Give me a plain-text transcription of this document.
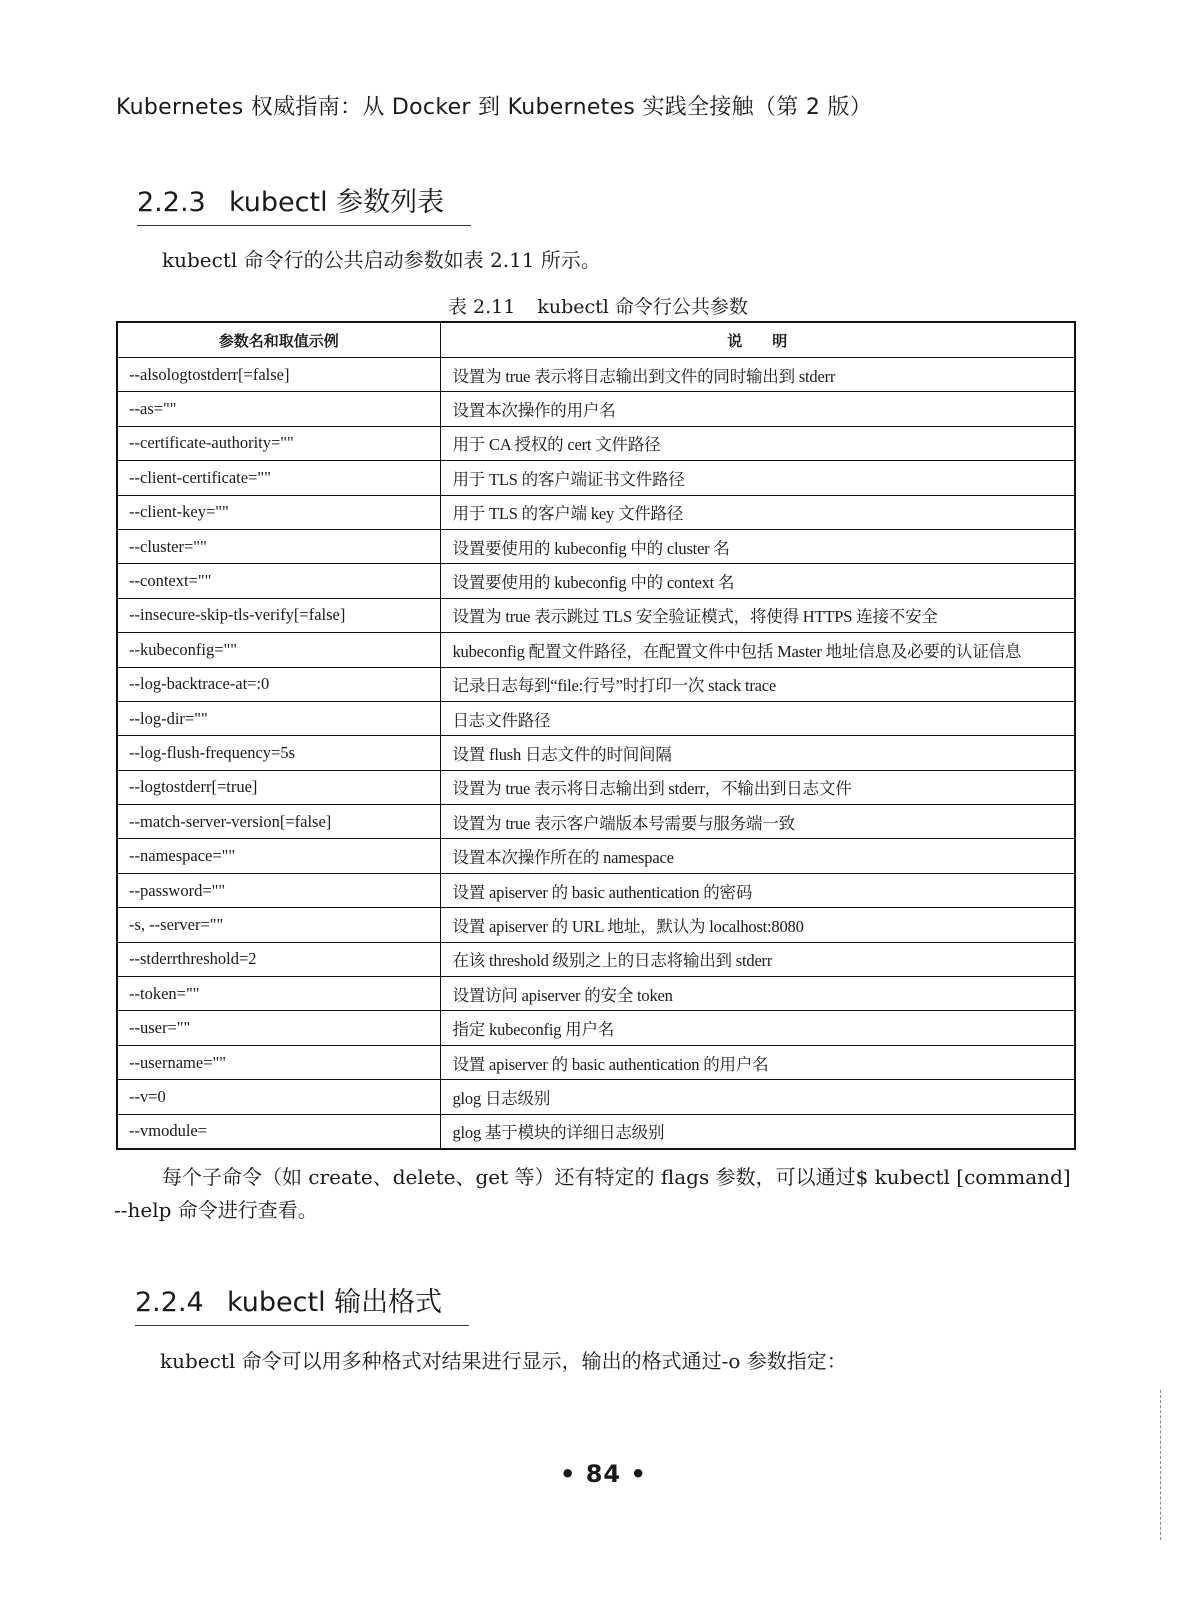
Kubernetes 权威指南：从 Docker 到 Kubernetes 实践全接触（第 2 版）
2.2.3 kubectl 参数列表
kubectl 命令行的公共启动参数如表 2.11 所示。
表 2.11 kubectl 命令行公共参数
参数名和取值示例	说　　明
--alsologtostderr[=false]	设置为 true 表示将日志输出到文件的同时输出到 stderr
--as=""	设置本次操作的用户名
--certificate-authority=""	用于 CA 授权的 cert 文件路径
--client-certificate=""	用于 TLS 的客户端证书文件路径
--client-key=""	用于 TLS 的客户端 key 文件路径
--cluster=""	设置要使用的 kubeconfig 中的 cluster 名
--context=""	设置要使用的 kubeconfig 中的 context 名
--insecure-skip-tls-verify[=false]	设置为 true 表示跳过 TLS 安全验证模式，将使得 HTTPS 连接不安全
--kubeconfig=""	kubeconfig 配置文件路径，在配置文件中包括 Master 地址信息及必要的认证信息
--log-backtrace-at=:0	记录日志每到“file:行号”时打印一次 stack trace
--log-dir=""	日志文件路径
--log-flush-frequency=5s	设置 flush 日志文件的时间间隔
--logtostderr[=true]	设置为 true 表示将日志输出到 stderr，不输出到日志文件
--match-server-version[=false]	设置为 true 表示客户端版本号需要与服务端一致
--namespace=""	设置本次操作所在的 namespace
--password=""	设置 apiserver 的 basic authentication 的密码
-s, --server=""	设置 apiserver 的 URL 地址，默认为 localhost:8080
--stderrthreshold=2	在该 threshold 级别之上的日志将输出到 stderr
--token=""	设置访问 apiserver 的安全 token
--user=""	指定 kubeconfig 用户名
--username=""	设置 apiserver 的 basic authentication 的用户名
--v=0	glog 日志级别
--vmodule=	glog 基于模块的详细日志级别
每个子命令（如 create、delete、get 等）还有特定的 flags 参数，可以通过$ kubectl [command]
--help 命令进行查看。
2.2.4 kubectl 输出格式
kubectl 命令可以用多种格式对结果进行显示，输出的格式通过-o 参数指定：
• 84 •
